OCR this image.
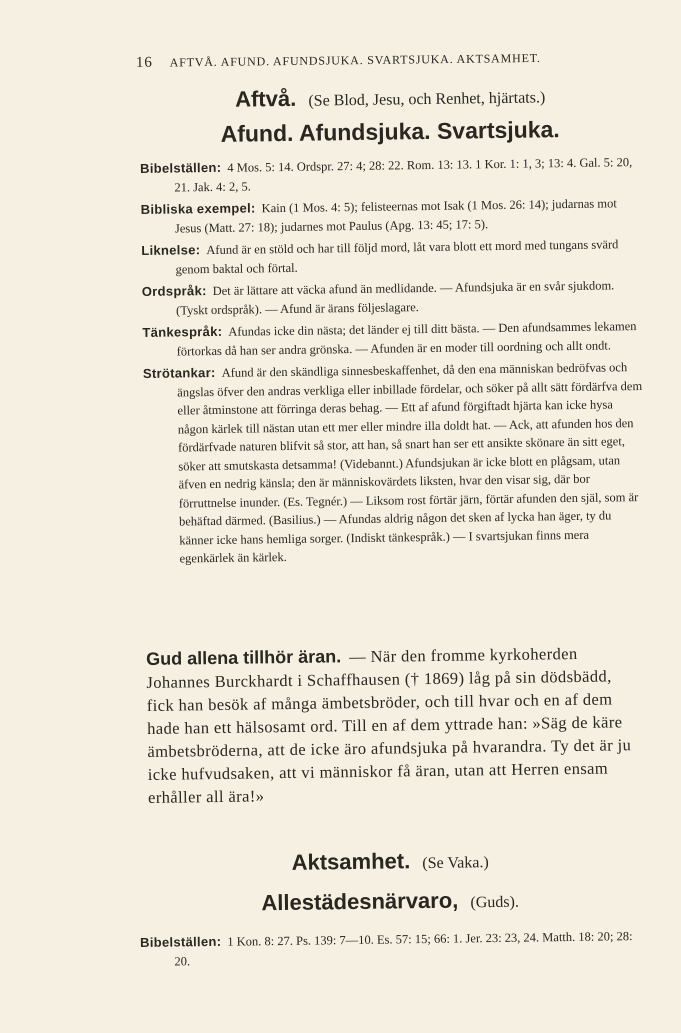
16 AFTVÅ. AFUND. AFUNDSJUKA. SVARTSJUKA. AKTSAMHET.
Aftvå. (Se Blod, Jesu, och Renhet, hjärtats.)
Afund. Afundsjuka. Svartsjuka.

Bibelställen: 4 Mos. 5: 14. Ordspr. 27: 4; 28: 22. Rom. 13: 13. 1 Kor. 1: 1, 3; 13: 4. Gal. 5: 20, 21. Jak. 4: 2, 5.

Bibliska exempel: Kain (1 Mos. 4: 5); felisteernas mot Isak (1 Mos. 26: 14); judarnas mot Jesus (Matt. 27: 18); judarnes mot Paulus (Apg. 13: 45; 17: 5).

Liknelse: Afund är en stöld och har till följd mord, låt vara blott ett mord med tungans svärd genom baktal och förtal.

Ordspråk: Det är lättare att väcka afund än medlidande. — Afundsjuka är en svår sjukdom. (Tyskt ordspråk). — Afund är ärans följeslagare.

Tänkespråk: Afundas icke din nästa; det länder ej till ditt bästa. — Den afundsammes lekamen förtorkas då han ser andra grönska. — Afunden är en moder till oordning och allt ondt.

Strötankar: Afund är den skändliga sinnesbeskaffenhet, då den ena människan bedröfvas och ängslas öfver den andras verkliga eller inbillade fördelar, och söker på allt sätt fördärfva dem eller åtminstone att förringa deras behag. — Ett af afund förgiftadt hjärta kan icke hysa någon kärlek till nästan utan ett mer eller mindre illa doldt hat. — Ack, att afunden hos den fördärfvade naturen blifvit så stor, att han, så snart han ser ett ansikte skönare än sitt eget, söker att smutskasta detsamma! (Videbannt.) Afundsjukan är icke blott en plågsam, utan äfven en nedrig känsla; den är människovärdets liksten, hvar den visar sig, där bor förruttnelse inunder. (Es. Tegnér.) — Liksom rost förtär järn, förtär afunden den själ, som är behäftad därmed. (Basilius.) — Afundas aldrig någon det sken af lycka han äger, ty du känner icke hans hemliga sorger. (Indiskt tänkespråk.) — I svartsjukan finns mera egenkärlek än kärlek.

Gud allena tillhör äran. — När den fromme kyrkoherden Johannes Burckhardt i Schaffhausen († 1869) låg på sin dödsbädd, fick han besök af många ämbetsbröder, och till hvar och en af dem hade han ett hälsosamt ord. Till en af dem yttrade han: »Säg de käre ämbetsbröderna, att de icke äro afundsjuka på hvarandra. Ty det är ju icke hufvudsaken, att vi människor få äran, utan att Herren ensam erhåller all ära!»
Aktsamhet. (Se Vaka.)
Allestädesnärvaro, (Guds).

Bibelställen: 1 Kon. 8: 27. Ps. 139: 7—10. Es. 57: 15; 66: 1. Jer. 23: 23, 24. Matth. 18: 20; 28: 20.
